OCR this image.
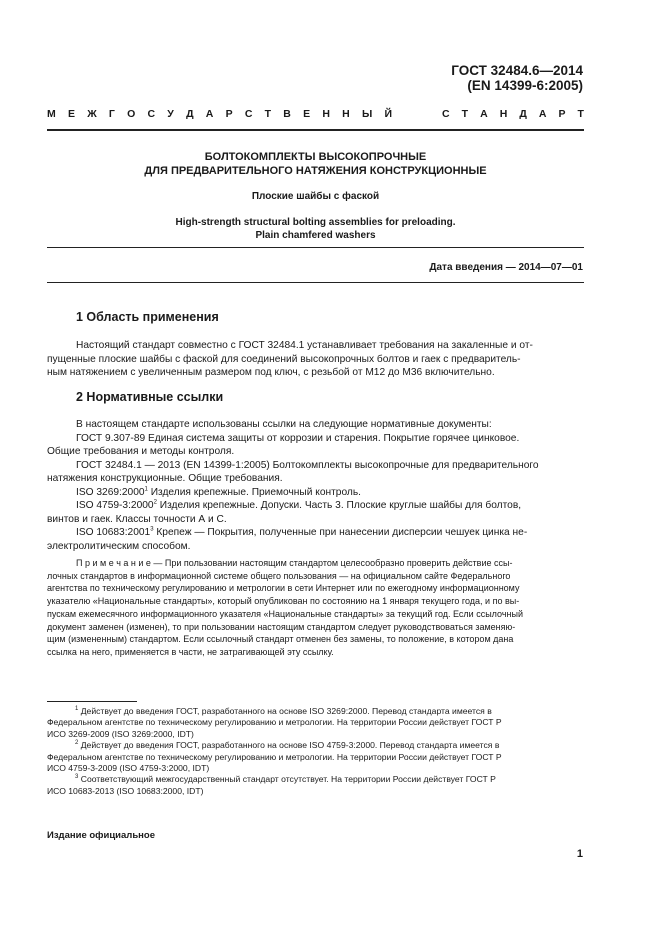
ГОСТ 32484.6—2014
(EN 14399-6:2005)
М Е Ж Г О С У Д А Р С Т В Е Н Н Ы Й	С Т А Н Д А Р Т
БОЛТОКОМПЛЕКТЫ ВЫСОКОПРОЧНЫЕ
ДЛЯ ПРЕДВАРИТЕЛЬНОГО НАТЯЖЕНИЯ КОНСТРУКЦИОННЫЕ
Плоские шайбы с фаской
High-strength structural bolting assemblies for preloading.
Plain chamfered washers
Дата введения — 2014—07—01
1 Область применения
Настоящий стандарт совместно с ГОСТ 32484.1 устанавливает требования на закаленные и от-
пущенные плоские шайбы с фаской для соединений высокопрочных болтов и гаек с предваритель-
ным натяжением с увеличенным размером под ключ, с резьбой от М12 до М36 включительно.
2 Нормативные ссылки
В настоящем стандарте использованы ссылки на следующие нормативные документы:
ГОСТ 9.307-89 Единая система защиты от коррозии и старения. Покрытие горячее цинковое.
Общие требования и методы контроля.
ГОСТ 32484.1 — 2013 (EN 14399-1:2005) Болтокомплекты высокопрочные для предварительного
натяжения конструкционные. Общие требования.
ISO 3269:2000$^1$ Изделия крепежные. Приемочный контроль.
ISO 4759-3:2000$^2$ Изделия крепежные. Допуски. Часть 3. Плоские круглые шайбы для болтов,
винтов и гаек. Классы точности А и С.
ISO 10683:2001$^3$ Крепеж — Покрытия, полученные при нанесении дисперсии чешуек цинка не-
электролитическим способом.
П р и м е ч а н и е — При пользовании настоящим стандартом целесообразно проверить действие ссы-
лочных стандартов в информационной системе общего пользования — на официальном сайте Федерального
агентства по техническому регулированию и метрологии в сети Интернет или по ежегодному информационному
указателю «Национальные стандарты», который опубликован по состоянию на 1 января текущего года, и по вы-
пускам ежемесячного информационного указателя «Национальные стандарты» за текущий год. Если ссылочный
документ заменен (изменен), то при пользовании настоящим стандартом следует руководствоваться заменяю-
щим (измененным) стандартом. Если ссылочный стандарт отменен без замены, то положение, в котором дана
ссылка на него, применяется в части, не затрагивающей эту ссылку.
$^1$ Действует до введения ГОСТ, разработанного на основе ISO 3269:2000. Перевод стандарта имеется в
Федеральном агентстве по техническому регулированию и метрологии. На территории России действует ГОСТ Р
ИСО 3269-2009 (ISO 3269:2000, IDT)
$^2$ Действует до введения ГОСТ, разработанного на основе ISO 4759-3:2000. Перевод стандарта имеется в
Федеральном агентстве по техническому регулированию и метрологии. На территории России действует ГОСТ Р
ИСО 4759-3-2009 (ISO 4759-3:2000, IDT)
$^3$ Соответствующий межгосударственный стандарт отсутствует. На территории России действует ГОСТ Р
ИСО 10683-2013 (ISO 10683:2000, IDT)
Издание официальное
1
